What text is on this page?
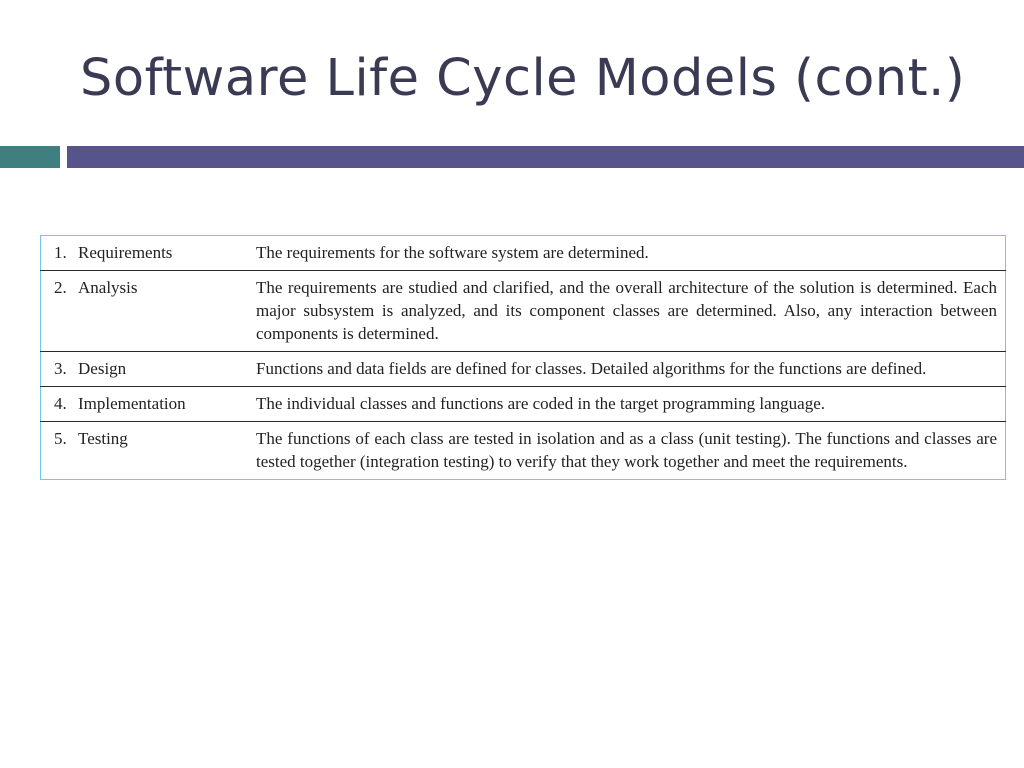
Software Life Cycle Models (cont.)
1. Requirements	The requirements for the software system are determined.
2. Analysis	The requirements are studied and clarified, and the overall architecture of the solution is determined. Each major subsystem is analyzed, and its component classes are determined. Also, any interaction between components is determined.
3. Design	Functions and data fields are defined for classes. Detailed algorithms for the functions are defined.
4. Implementation	The individual classes and functions are coded in the target programming language.
5. Testing	The functions of each class are tested in isolation and as a class (unit testing). The functions and classes are tested together (integration testing) to verify that they work together and meet the requirements.
